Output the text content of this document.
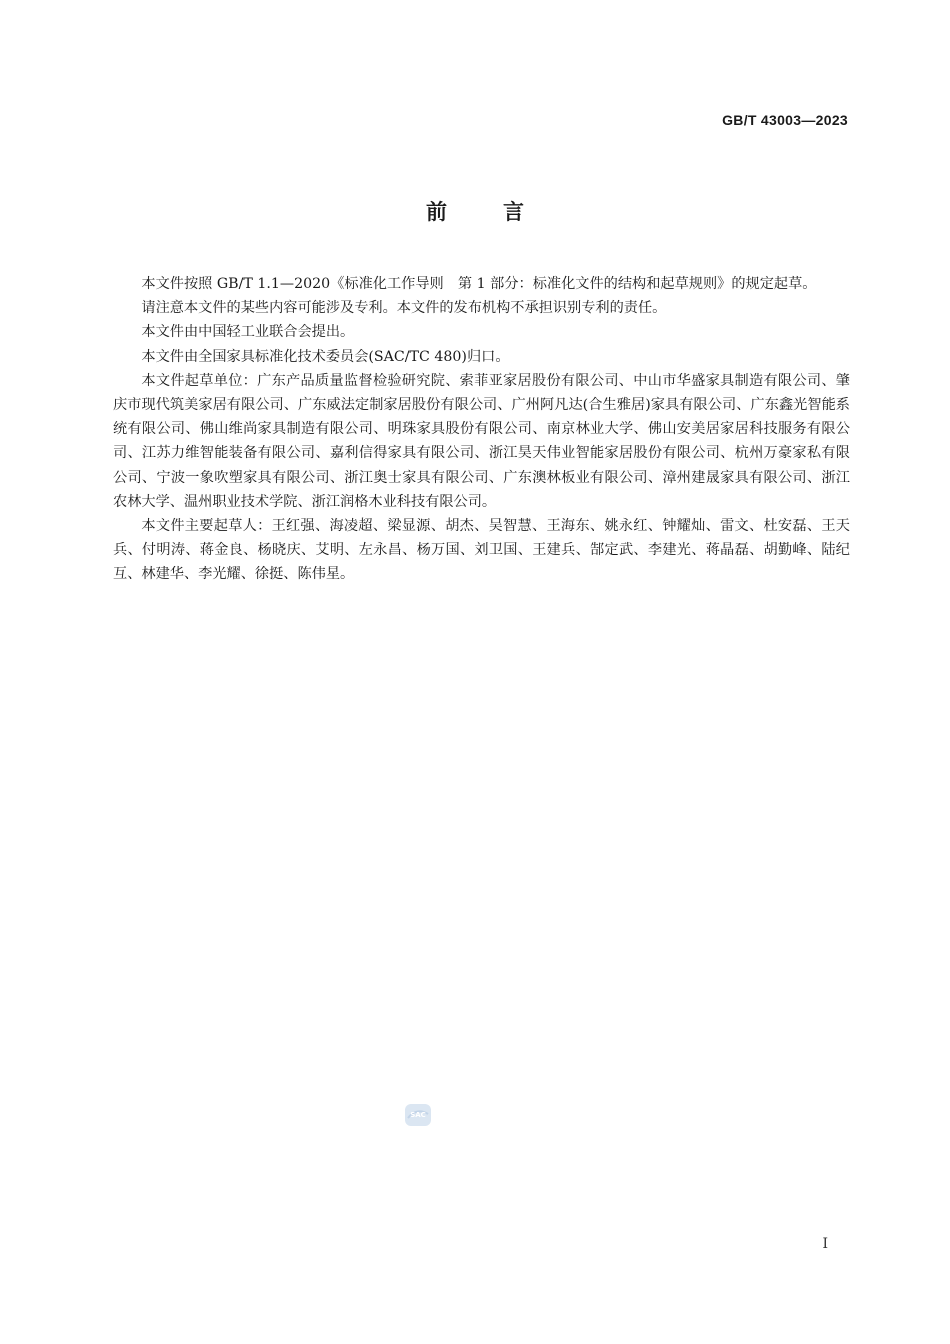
GB/T 43003—2023
前	言

本文件按照 GB/T 1.1—2020《标准化工作导则　第 1 部分：标准化文件的结构和起草规则》的规定起草。

请注意本文件的某些内容可能涉及专利。本文件的发布机构不承担识别专利的责任。

本文件由中国轻工业联合会提出。

本文件由全国家具标准化技术委员会(SAC/TC 480)归口。

本文件起草单位：广东产品质量监督检验研究院、索菲亚家居股份有限公司、中山市华盛家具制造有限公司、肇庆市现代筑美家居有限公司、广东威法定制家居股份有限公司、广州阿凡达(合生雅居)家具有限公司、广东鑫光智能系统有限公司、佛山维尚家具制造有限公司、明珠家具股份有限公司、南京林业大学、佛山安美居家居科技服务有限公司、江苏力维智能装备有限公司、嘉利信得家具有限公司、浙江昊天伟业智能家居股份有限公司、杭州万豪家私有限公司、宁波一象吹塑家具有限公司、浙江奥士家具有限公司、广东澳林板业有限公司、漳州建晟家具有限公司、浙江农林大学、温州职业技术学院、浙江润格木业科技有限公司。

本文件主要起草人：王红强、海凌超、梁显源、胡杰、吴智慧、王海东、姚永红、钟耀灿、雷文、杜安磊、王天兵、付明涛、蒋金良、杨晓庆、艾明、左永昌、杨万国、刘卫国、王建兵、郜定武、李建光、蒋晶磊、胡勤峰、陆纪互、林建华、李光耀、徐挺、陈伟星。

SAC
I
